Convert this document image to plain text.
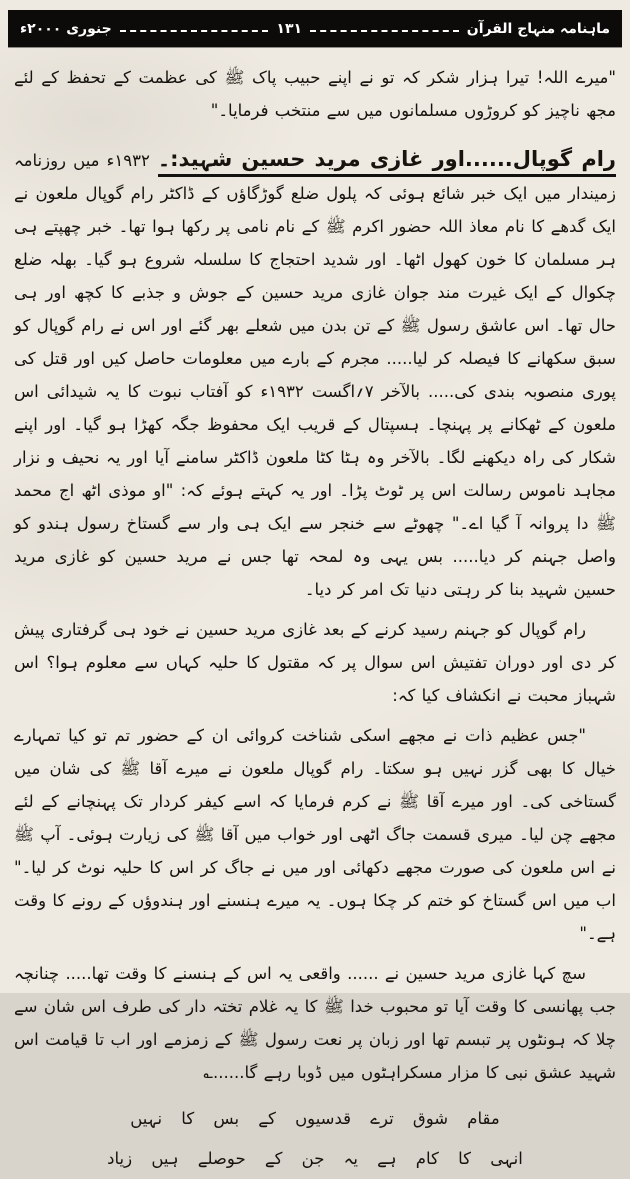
ماہنامہ منہاج القرآن
۱۳۱
جنوری ۲۰۰۰ء

"میرے اللہ! تیرا ہزار شکر کہ تو نے اپنے حبیب پاک ﷺ کی عظمت کے تحفظ کے لئے مجھ ناچیز کو کروڑوں مسلمانوں میں سے منتخب فرمایا۔"

رام گوپال......اور غازی مرید حسین شہید:۔۱۹۳۲ء میں روزنامہ زمیندار میں ایک خبر شائع ہوئی کہ پلول ضلع گوڑگاؤں کے ڈاکٹر رام گوپال ملعون نے ایک گدھے کا نام معاذ اللہ حضور اکرم ﷺ کے نام نامی پر رکھا ہوا تھا۔ خبر چھپتے ہی ہر مسلمان کا خون کھول اٹھا۔ اور شدید احتجاج کا سلسلہ شروع ہو گیا۔ بھلہ ضلع چکوال کے ایک غیرت مند جوان غازی مرید حسین کے جوش و جذبے کا کچھ اور ہی حال تھا۔ اس عاشق رسول ﷺ کے تن بدن میں شعلے بھر گئے اور اس نے رام گوپال کو سبق سکھانے کا فیصلہ کر لیا..... مجرم کے بارے میں معلومات حاصل کیں اور قتل کی پوری منصوبہ بندی کی..... بالآخر ۷؍اگست ۱۹۳۲ء کو آفتاب نبوت کا یہ شیدائی اس ملعون کے ٹھکانے پر پہنچا۔ ہسپتال کے قریب ایک محفوظ جگہ کھڑا ہو گیا۔ اور اپنے شکار کی راہ دیکھنے لگا۔ بالآخر وہ ہٹا کٹا ملعون ڈاکٹر سامنے آیا اور یہ نحیف و نزار مجاہد ناموس رسالت اس پر ٹوٹ پڑا۔ اور یہ کہتے ہوئے کہ: "او موذی اٹھ اج محمد ﷺ دا پروانہ آ گیا اے۔" چھوٹے سے خنجر سے ایک ہی وار سے گستاخ رسول ہندو کو واصل جہنم کر دیا..... بس یہی وہ لمحہ تھا جس نے مرید حسین کو غازی مرید حسین شہید بنا کر رہتی دنیا تک امر کر دیا۔

رام گوپال کو جہنم رسید کرنے کے بعد غازی مرید حسین نے خود ہی گرفتاری پیش کر دی اور دوران تفتیش اس سوال پر کہ مقتول کا حلیہ کہاں سے معلوم ہوا؟ اس شہباز محبت نے انکشاف کیا کہ:

"جس عظیم ذات نے مجھے اسکی شناخت کروائی ان کے حضور تم تو کیا تمہارے خیال کا بھی گزر نہیں ہو سکتا۔ رام گوپال ملعون نے میرے آقا ﷺ کی شان میں گستاخی کی۔ اور میرے آقا ﷺ نے کرم فرمایا کہ اسے کیفر کردار تک پہنچانے کے لئے مجھے چن لیا۔ میری قسمت جاگ اٹھی اور خواب میں آقا ﷺ کی زیارت ہوئی۔ آپ ﷺ نے اس ملعون کی صورت مجھے دکھائی اور میں نے جاگ کر اس کا حلیہ نوٹ کر لیا۔" اب میں اس گستاخ کو ختم کر چکا ہوں۔ یہ میرے ہنسنے اور ہندوؤں کے رونے کا وقت ہے۔"

سچ کہا غازی مرید حسین نے ...... واقعی یہ اس کے ہنسنے کا وقت تھا..... چنانچہ جب پھانسی کا وقت آیا تو محبوب خدا ﷺ کا یہ غلام تختہ دار کی طرف اس شان سے چلا کہ ہونٹوں پر تبسم تھا اور زبان پر نعت رسول ﷺ کے زمزمے اور اب تا قیامت اس شہید عشق نبی کا مزار مسکراہٹوں میں ڈوبا رہے گا......؎

مقام شوق ترے قدسیوں کے بس کا نہیں
انہی کا کام ہے یہ جن کے حوصلے ہیں زیاد
